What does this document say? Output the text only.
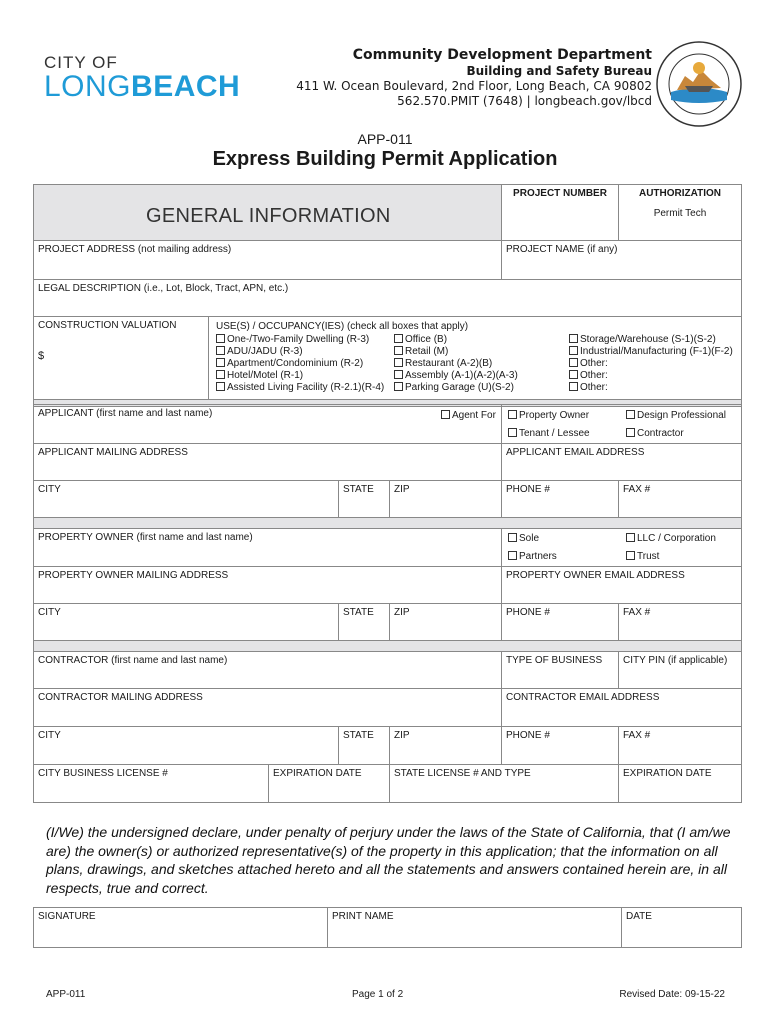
CITY OF
LONGBEACH
Community Development Department
Building and Safety Bureau
411 W. Ocean Boulevard, 2nd Floor, Long Beach, CA 90802
562.570.PMIT (7648) | longbeach.gov/lbcd
APP-011
Express Building Permit Application
GENERAL INFORMATION
PROJECT NUMBER	AUTHORIZATION
Permit Tech
PROJECT ADDRESS (not mailing address)	PROJECT NAME (if any)
LEGAL DESCRIPTION (i.e., Lot, Block, Tract, APN, etc.)
CONSTRUCTION VALUATION
$
USE(S) / OCCUPANCY(IES) (check all boxes that apply)
One-/Two-Family Dwelling (R-3)
ADU/JADU (R-3)
Apartment/Condominium (R-2)
Hotel/Motel (R-1)
Assisted Living Facility (R-2.1)(R-4)
Office (B)
Retail (M)
Restaurant (A-2)(B)
Assembly (A-1)(A-2)(A-3)
Parking Garage (U)(S-2)
Storage/Warehouse (S-1)(S-2)
Industrial/Manufacturing (F-1)(F-2)
Other:
Other:
Other:
APPLICANT (first name and last name)	Agent For	Property Owner	Design Professional
Tenant / Lessee	Contractor
APPLICANT MAILING ADDRESS	APPLICANT EMAIL ADDRESS
CITY	STATE	ZIP	PHONE #	FAX #
PROPERTY OWNER (first name and last name)	Sole	LLC / Corporation
Partners	Trust
PROPERTY OWNER MAILING ADDRESS	PROPERTY OWNER EMAIL ADDRESS
CITY	STATE	ZIP	PHONE #	FAX #
CONTRACTOR (first name and last name)	TYPE OF BUSINESS	CITY PIN (if applicable)
CONTRACTOR MAILING ADDRESS	CONTRACTOR EMAIL ADDRESS
CITY	STATE	ZIP	PHONE #	FAX #
CITY BUSINESS LICENSE #	EXPIRATION DATE	STATE LICENSE # AND TYPE	EXPIRATION DATE
(I/We) the undersigned declare, under penalty of perjury under the laws of the State of California, that (I am/we are) the owner(s) or authorized representative(s) of the property in this application; that the information on all plans, drawings, and sketches attached hereto and all the statements and answers contained herein are, in all respects, true and correct.
SIGNATURE	PRINT NAME	DATE
APP-011	Page 1 of 2	Revised Date: 09-15-22
